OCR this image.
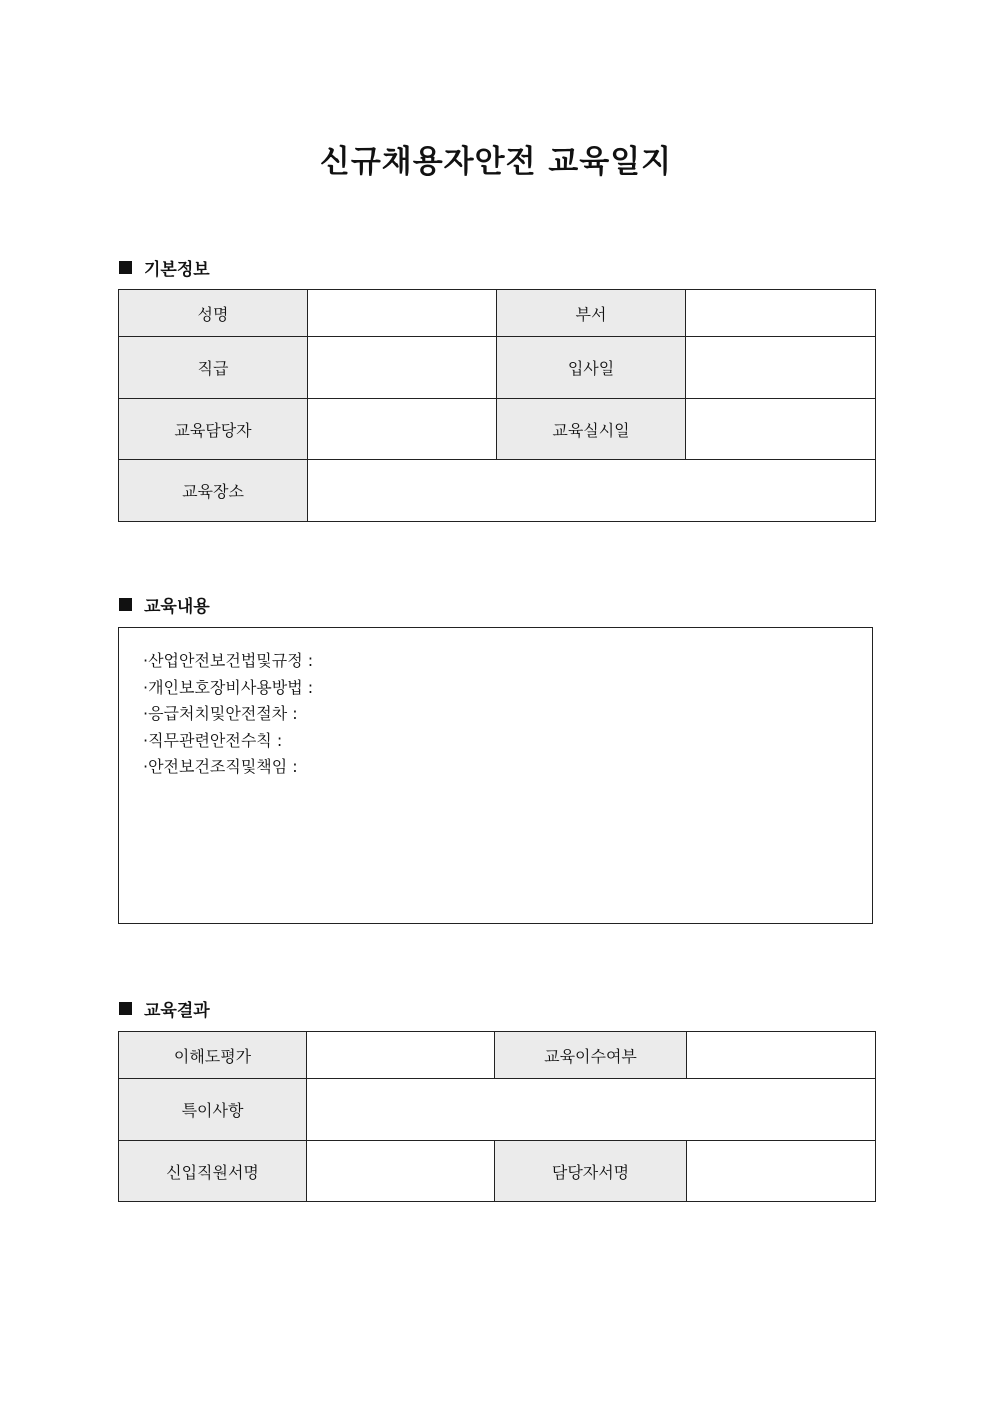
신규채용자안전 교육일지
기본정보
성명		부서	
직급		입사일	
교육담당자		교육실시일	
교육장소			
교육내용
·산업안전보건법및규정 :
·개인보호장비사용방법 :
·응급처치및안전절차 :
·직무관련안전수칙 :
·안전보건조직및책임 :
교육결과
이해도평가		교육이수여부	
특이사항			
신입직원서명		담당자서명	
